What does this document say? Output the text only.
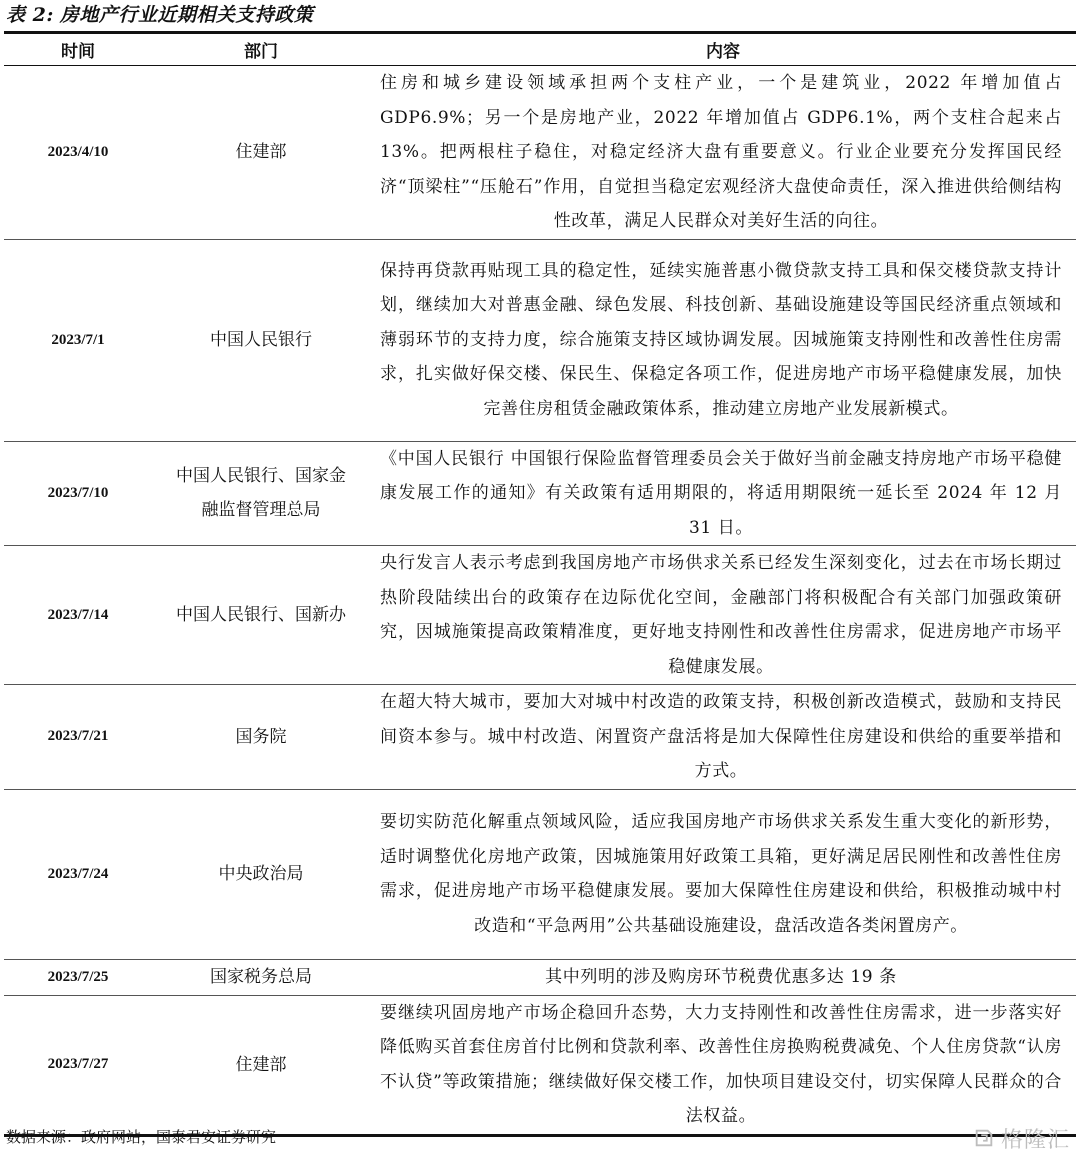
表 2: 房地产行业近期相关支持政策
时间	部门	内容
2023/4/10	住建部	住房和城乡建设领域承担两个支柱产业，一个是建筑业，2022 年增加值占 GDP6.9%；另一个是房地产业，2022 年增加值占 GDP6.1%，两个支柱合起来占 13%。把两根柱子稳住，对稳定经济大盘有重要意义。行业企业要充分发挥国民经济“顶梁柱”“压舱石”作用，自觉担当稳定宏观经济大盘使命责任，深入推进供给侧结构性改革，满足人民群众对美好生活的向往。
2023/7/1	中国人民银行	保持再贷款再贴现工具的稳定性，延续实施普惠小微贷款支持工具和保交楼贷款支持计划，继续加大对普惠金融、绿色发展、科技创新、基础设施建设等国民经济重点领域和薄弱环节的支持力度，综合施策支持区域协调发展。因城施策支持刚性和改善性住房需求，扎实做好保交楼、保民生、保稳定各项工作，促进房地产市场平稳健康发展，加快完善住房租赁金融政策体系，推动建立房地产业发展新模式。
2023/7/10	中国人民银行、国家金融监督管理总局	《中国人民银行 中国银行保险监督管理委员会关于做好当前金融支持房地产市场平稳健康发展工作的通知》有关政策有适用期限的，将适用期限统一延长至 2024 年 12 月 31 日。
2023/7/14	中国人民银行、国新办	央行发言人表示考虑到我国房地产市场供求关系已经发生深刻变化，过去在市场长期过热阶段陆续出台的政策存在边际优化空间，金融部门将积极配合有关部门加强政策研究，因城施策提高政策精准度，更好地支持刚性和改善性住房需求，促进房地产市场平稳健康发展。
2023/7/21	国务院	在超大特大城市，要加大对城中村改造的政策支持，积极创新改造模式，鼓励和支持民间资本参与。城中村改造、闲置资产盘活将是加大保障性住房建设和供给的重要举措和方式。
2023/7/24	中央政治局	要切实防范化解重点领域风险，适应我国房地产市场供求关系发生重大变化的新形势，适时调整优化房地产政策，因城施策用好政策工具箱，更好满足居民刚性和改善性住房需求，促进房地产市场平稳健康发展。要加大保障性住房建设和供给，积极推动城中村改造和“平急两用”公共基础设施建设，盘活改造各类闲置房产。
2023/7/25	国家税务总局	其中列明的涉及购房环节税费优惠多达 19 条
2023/7/27	住建部	要继续巩固房地产市场企稳回升态势，大力支持刚性和改善性住房需求，进一步落实好降低购买首套住房首付比例和贷款利率、改善性住房换购税费减免、个人住房贷款“认房不认贷”等政策措施；继续做好保交楼工作，加快项目建设交付，切实保障人民群众的合法权益。
数据来源：政府网站，国泰君安证券研究	格隆汇
